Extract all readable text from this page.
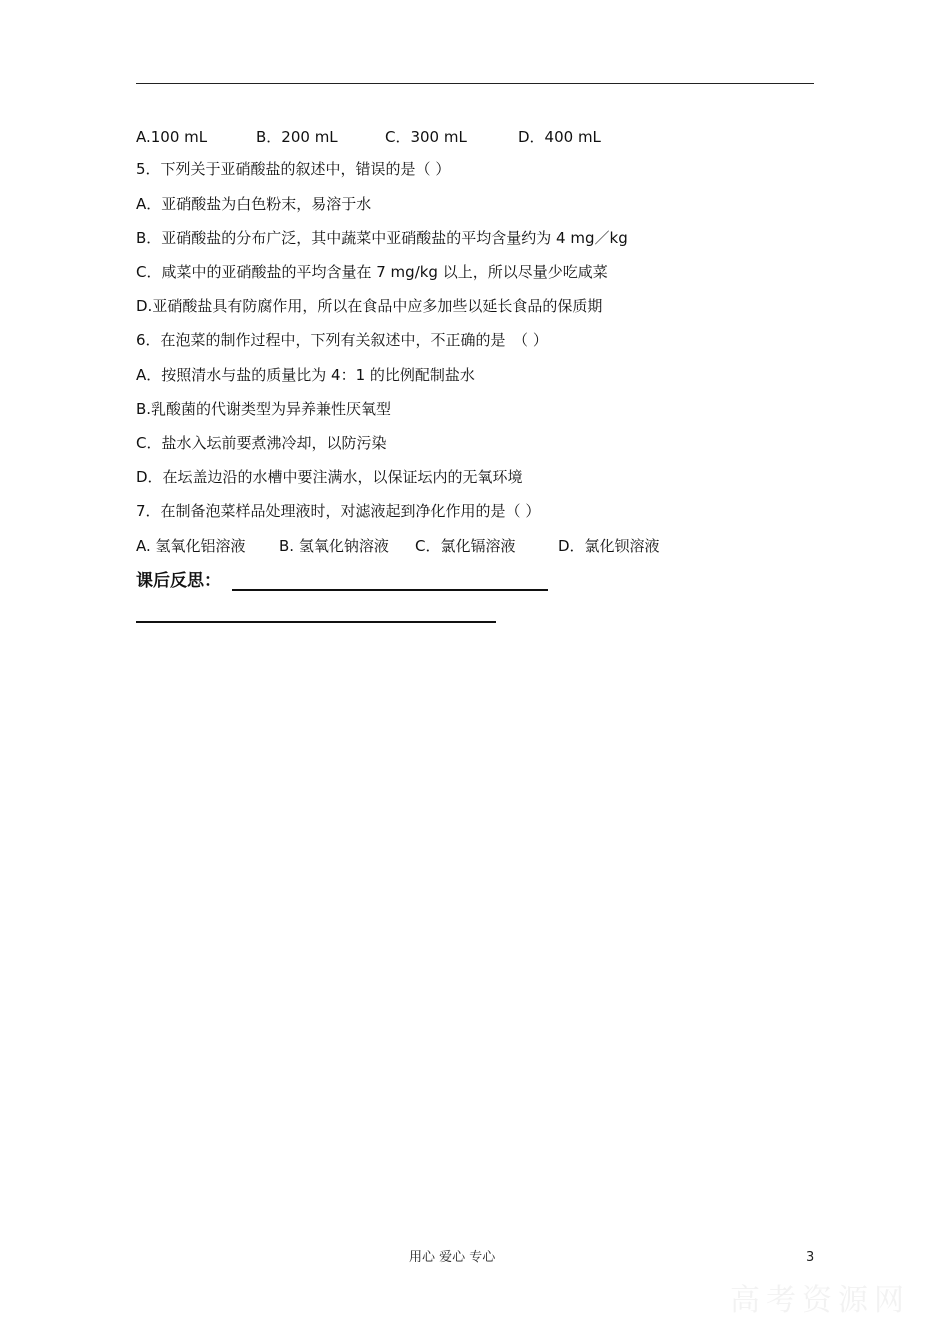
A.100 mL	B．200 mL	C．300 mL	D．400 mL
5．下列关于亚硝酸盐的叙述中，错误的是（ ）
A．亚硝酸盐为白色粉末，易溶于水
B．亚硝酸盐的分布广泛，其中蔬菜中亚硝酸盐的平均含量约为 4 mg／kg
C．咸菜中的亚硝酸盐的平均含量在 7 mg/kg 以上，所以尽量少吃咸菜
D.亚硝酸盐具有防腐作用，所以在食品中应多加些以延长食品的保质期
6．在泡菜的制作过程中，下列有关叙述中，不正确的是　（ ）
A．按照清水与盐的质量比为 4：1 的比例配制盐水
B.乳酸菌的代谢类型为异养兼性厌氧型
C．盐水入坛前要煮沸冷却，以防污染
D．在坛盖边沿的水槽中要注满水，以保证坛内的无氧环境
7．在制备泡菜样品处理液时，对滤液起到净化作用的是（ ）
A. 氢氧化铝溶液 B. 氢氧化钠溶液 C．氯化镉溶液	D．氯化钡溶液
课后反思：
用心 爱心 专心	3
高考资源网
